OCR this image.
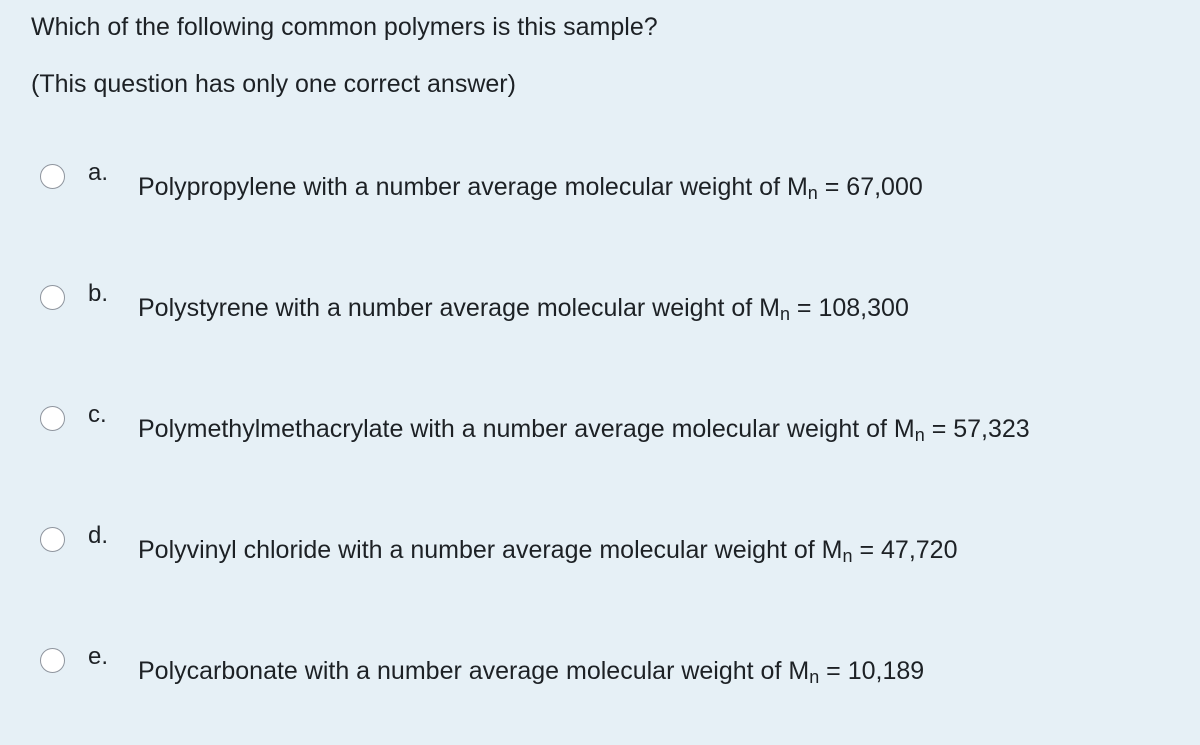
Which of the following common polymers is this sample?
(This question has only one correct answer)
a.
Polypropylene with a number average molecular weight of $M_n = 67,000$
b.
Polystyrene with a number average molecular weight of $M_n = 108,300$
c.
Polymethylmethacrylate with a number average molecular weight of $M_n = 57,323$
d.
Polyvinyl chloride with a number average molecular weight of $M_n = 47,720$
e.
Polycarbonate with a number average molecular weight of $M_n = 10,189$
